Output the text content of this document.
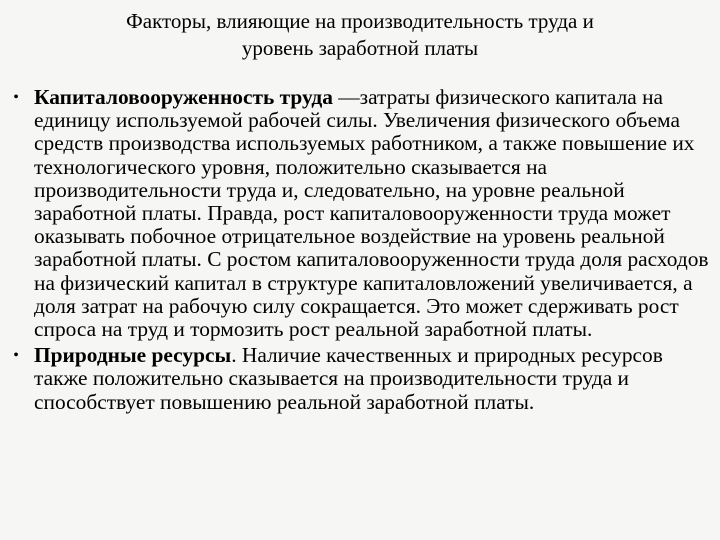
Факторы, влияющие на производительность труда и
уровень заработной платы
• Капиталовооруженность труда —затраты физического капитала на единицу используемой рабочей силы. Увеличения физического объема средств производства используемых работником, а также повышение их технологического уровня, положительно сказывается на производительности труда и, следовательно, на уровне реальной заработной платы. Правда, рост капиталовооруженности труда может оказывать побочное отрицательное воздействие на уровень реальной заработной платы. С ростом капиталовооруженности труда доля расходов на физический капитал в структуре капиталовложений увеличивается, а доля затрат на рабочую силу сокращается. Это может сдерживать рост спроса на труд и тормозить рост реальной заработной платы.
• Природные ресурсы. Наличие качественных и природных ресурсов также положительно сказывается на производительности труда и способствует повышению реальной заработной платы.
